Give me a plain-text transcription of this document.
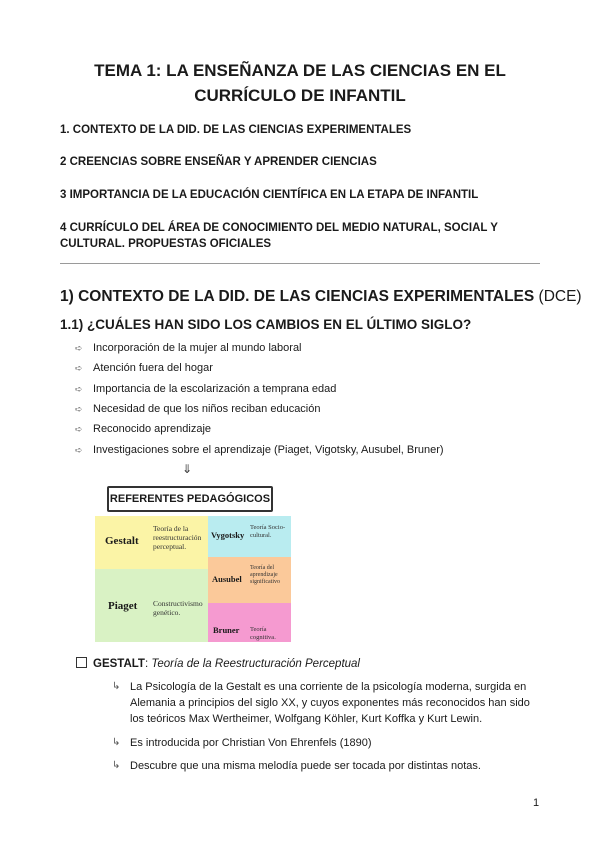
TEMA 1: LA ENSEÑANZA DE LAS CIENCIAS EN EL CURRÍCULO DE INFANTIL
1. CONTEXTO DE LA DID. DE LAS CIENCIAS EXPERIMENTALES
2 CREENCIAS SOBRE ENSEÑAR Y APRENDER CIENCIAS
3 IMPORTANCIA DE LA EDUCACIÓN CIENTÍFICA EN LA ETAPA DE INFANTIL
4 CURRÍCULO DEL ÁREA DE CONOCIMIENTO DEL MEDIO NATURAL, SOCIAL Y CULTURAL. PROPUESTAS OFICIALES
1) CONTEXTO DE LA DID. DE LAS CIENCIAS EXPERIMENTALES (DCE)
1.1) ¿CUÁLES HAN SIDO LOS CAMBIOS EN EL ÚLTIMO SIGLO?
➪ Incorporación de la mujer al mundo laboral
➪ Atención fuera del hogar
➪ Importancia de la escolarización a temprana edad
➪ Necesidad de que los niños reciban educación
➪ Reconocido aprendizaje
➪ Investigaciones sobre el aprendizaje (Piaget, Vigotsky, Ausubel, Bruner)
⇓
REFERENTES PEDAGÓGICOS
Gestalt
Teoría de la reestructuración perceptual.
Piaget Constructivismo genético.
Vygotsky
Teoría Socio-cultural.
Ausubel
Teoría del aprendizaje significativo
Bruner Teoría cognitiva.
GESTALT: Teoría de la Reestructuración Perceptual
↳ La Psicología de la Gestalt es una corriente de la psicología moderna, surgida en Alemania a principios del siglo XX, y cuyos exponentes más reconocidos han sido los teóricos Max Wertheimer, Wolfgang Köhler, Kurt Koffka y Kurt Lewin.
↳ Es introducida por Christian Von Ehrenfels (1890)
↳ Descubre que una misma melodía puede ser tocada por distintas notas.
1
